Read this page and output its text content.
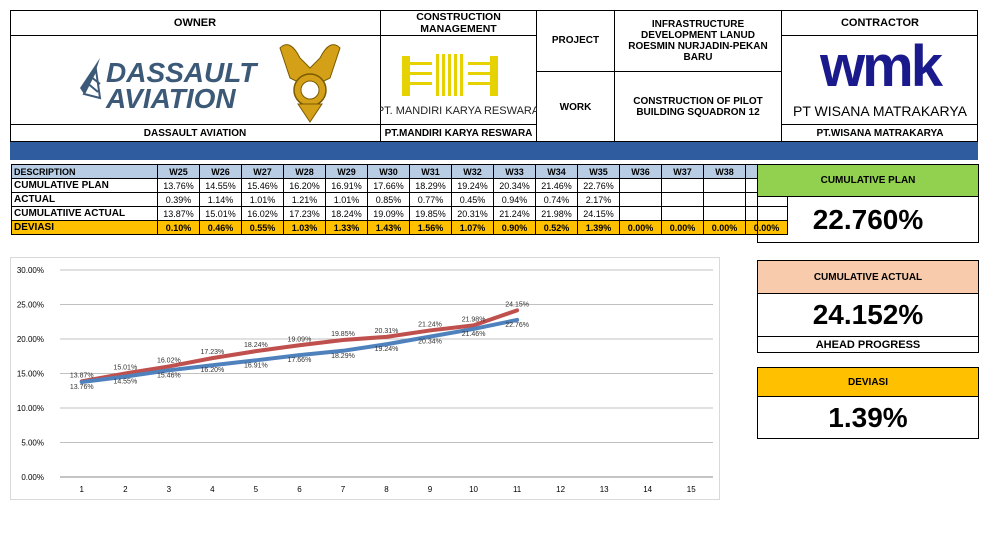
OWNER
DASSAULT
AVIATION
DASSAULT AVIATION
CONSTRUCTION MANAGEMENT
PT. MANDIRI KARYA RESWARA
PT.MANDIRI KARYA RESWARA
PROJECT
INFRASTRUCTURE DEVELOPMENT LANUD ROESMIN NURJADIN-PEKAN BARU
WORK	CONSTRUCTION OF PILOT BUILDING SQUADRON 12
CONTRACTOR
wmk
PT WISANA MATRAKARYA
PT.WISANA MATRAKARYA
DESCRIPTION	W25	W26	W27	W28	W29	W30	W31	W32	W33	W34	W35	W36	W37	W38	
CUMULATIVE PLAN	13.76%	14.55%	15.46%	16.20%	16.91%	17.66%	18.29%	19.24%	20.34%	21.46%	22.76%				
ACTUAL	0.39%	1.14%	1.01%	1.21%	1.01%	0.85%	0.77%	0.45%	0.94%	0.74%	2.17%				
CUMULATIIVE ACTUAL	13.87%	15.01%	16.02%	17.23%	18.24%	19.09%	19.85%	20.31%	21.24%	21.98%	24.15%				
DEVIASI	0.10%	0.46%	0.55%	1.03%	1.33%	1.43%	1.56%	1.07%	0.90%	0.52%	1.39%	0.00%	0.00%	0.00%	0.00%
0.00%
5.00%
10.00%
15.00%
20.00%
25.00%
30.00%
1	2	3	4	5	6	7	8	9	10	11	12	13	14	15
13.76%
14.55%
15.46%
16.20%
16.91%
17.66%
18.29%
19.24%
20.34%
21.46%
22.76%
13.87%
15.01%
16.02%
17.23%
18.24%
19.09%
19.85%	20.31%
21.24%
21.98%
24.15%
CUMULATIVE PLAN
22.760%
CUMULATIVE ACTUAL
24.152%
AHEAD PROGRESS
DEVIASI
1.39%
